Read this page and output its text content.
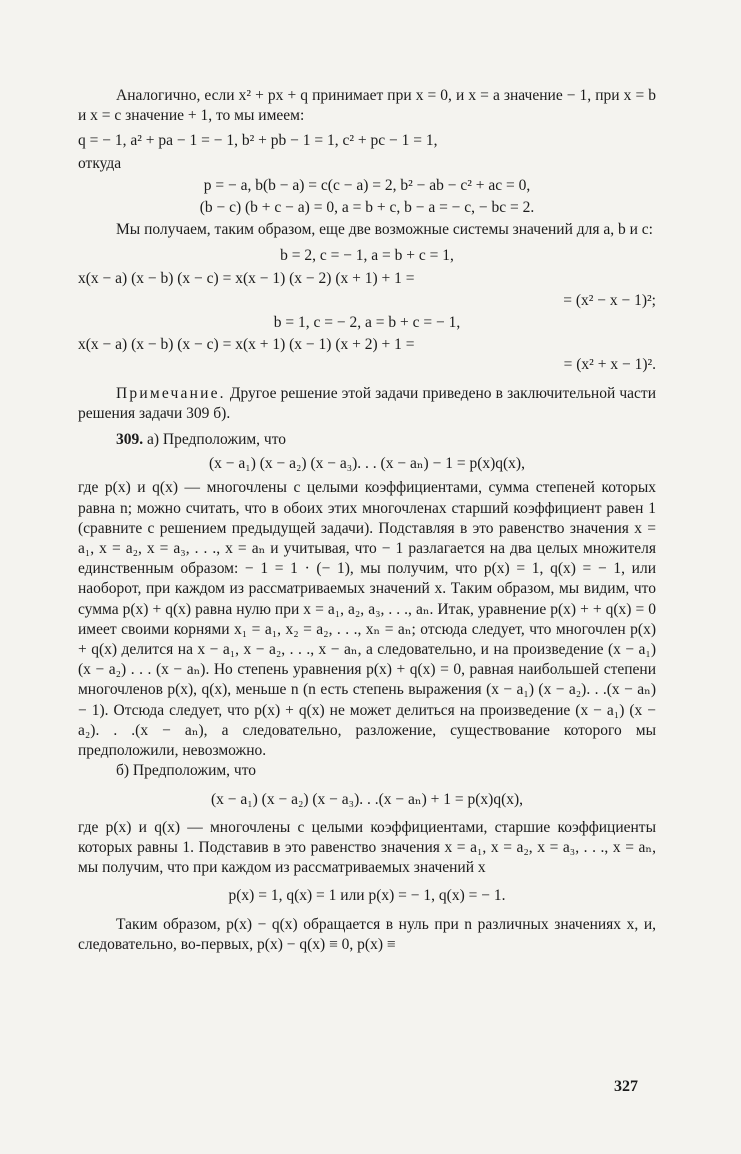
Аналогично, если x² + px + q принимает при x = 0, и x = a значение − 1, при x = b и x = c значение + 1, то мы имеем:

q = − 1, a² + pa − 1 = − 1, b² + pb − 1 = 1, c² + pc − 1 = 1,

откуда

p = − a, b(b − a) = c(c − a) = 2, b² − ab − c² + ac = 0,

(b − c) (b + c − a) = 0, a = b + c, b − a = − c, − bc = 2.

Мы получаем, таким образом, еще две возможные системы значений для a, b и c:

b = 2, c = − 1, a = b + c = 1,

x(x − a) (x − b) (x − c) = x(x − 1) (x − 2) (x + 1) + 1 =

= (x² − x − 1)²;

b = 1, c = − 2, a = b + c = − 1,

x(x − a) (x − b) (x − c) = x(x + 1) (x − 1) (x + 2) + 1 =

= (x² + x − 1)².

Примечание. Другое решение этой задачи приведено в заключительной части решения задачи 309 б).

309. а) Предположим, что

(x − a₁) (x − a₂) (x − a₃). . . (x − aₙ) − 1 = p(x)q(x),

где p(x) и q(x) — многочлены с целыми коэффициентами, сумма степеней которых равна n; можно считать, что в обоих этих многочленах старший коэффициент равен 1 (сравните с решением предыдущей задачи). Подставляя в это равенство значения x = a₁, x = a₂, x = a₃, . . ., x = aₙ и учитывая, что − 1 разлагается на два целых множителя единственным образом: − 1 = 1 · (− 1), мы получим, что p(x) = 1, q(x) = − 1, или наоборот, при каждом из рассматриваемых значений x. Таким образом, мы видим, что сумма p(x) + q(x) равна нулю при x = a₁, a₂, a₃, . . ., aₙ. Итак, уравнение p(x) + + q(x) = 0 имеет своими корнями x₁ = a₁, x₂ = a₂, . . ., xₙ = aₙ; отсюда следует, что многочлен p(x) + q(x) делится на x − a₁, x − a₂, . . ., x − aₙ, а следовательно, и на произведение (x − a₁) (x − a₂) . . . (x − aₙ). Но степень уравнения p(x) + q(x) = 0, равная наибольшей степени многочленов p(x), q(x), меньше n (n есть степень выражения (x − a₁) (x − a₂). . .(x − aₙ) − 1). Отсюда следует, что p(x) + q(x) не может делиться на произведение (x − a₁) (x − a₂). . .(x − aₙ), а следовательно, разложение, существование которого мы предположили, невозможно.

б) Предположим, что

(x − a₁) (x − a₂) (x − a₃). . .(x − aₙ) + 1 = p(x)q(x),

где p(x) и q(x) — многочлены с целыми коэффициентами, старшие коэффициенты которых равны 1. Подставив в это равенство значения x = a₁, x = a₂, x = a₃, . . ., x = aₙ, мы получим, что при каждом из рассматриваемых значений x

p(x) = 1, q(x) = 1 или p(x) = − 1, q(x) = − 1.

Таким образом, p(x) − q(x) обращается в нуль при n различных значениях x, и, следовательно, во-первых, p(x) − q(x) ≡ 0, p(x) ≡

327
